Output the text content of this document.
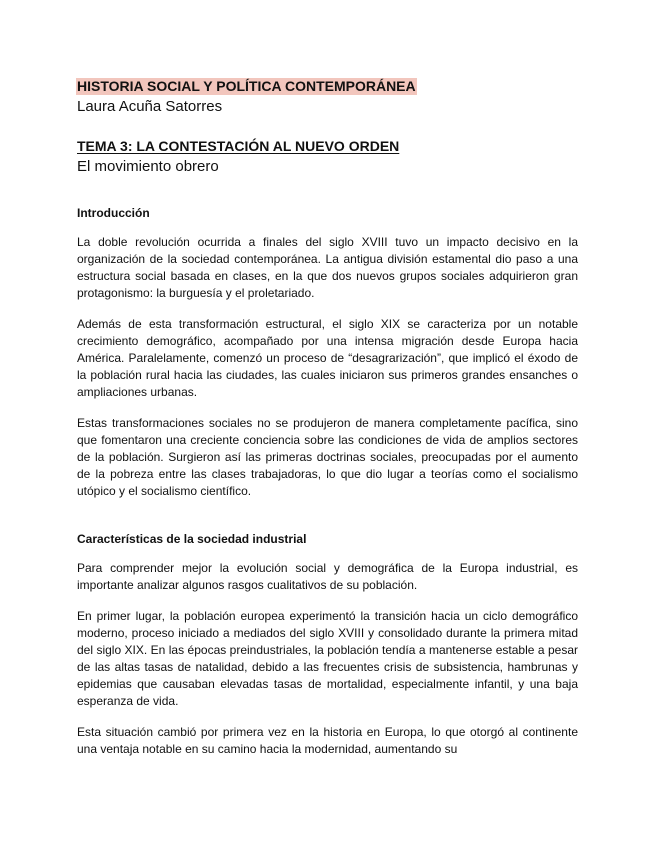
HISTORIA SOCIAL Y POLÍTICA CONTEMPORÁNEA
Laura Acuña Satorres
TEMA 3: LA CONTESTACIÓN AL NUEVO ORDEN
El movimiento obrero
Introducción

La doble revolución ocurrida a finales del siglo XVIII tuvo un impacto decisivo en la organización de la sociedad contemporánea. La antigua división estamental dio paso a una estructura social basada en clases, en la que dos nuevos grupos sociales adquirieron gran protagonismo: la burguesía y el proletariado.

Además de esta transformación estructural, el siglo XIX se caracteriza por un notable crecimiento demográfico, acompañado por una intensa migración desde Europa hacia América. Paralelamente, comenzó un proceso de “desagrarización”, que implicó el éxodo de la población rural hacia las ciudades, las cuales iniciaron sus primeros grandes ensanches o ampliaciones urbanas.

Estas transformaciones sociales no se produjeron de manera completamente pacífica, sino que fomentaron una creciente conciencia sobre las condiciones de vida de amplios sectores de la población. Surgieron así las primeras doctrinas sociales, preocupadas por el aumento de la pobreza entre las clases trabajadoras, lo que dio lugar a teorías como el socialismo utópico y el socialismo científico.

Características de la sociedad industrial

Para comprender mejor la evolución social y demográfica de la Europa industrial, es importante analizar algunos rasgos cualitativos de su población.

En primer lugar, la población europea experimentó la transición hacia un ciclo demográfico moderno, proceso iniciado a mediados del siglo XVIII y consolidado durante la primera mitad del siglo XIX. En las épocas preindustriales, la población tendía a mantenerse estable a pesar de las altas tasas de natalidad, debido a las frecuentes crisis de subsistencia, hambrunas y epidemias que causaban elevadas tasas de mortalidad, especialmente infantil, y una baja esperanza de vida.

Esta situación cambió por primera vez en la historia en Europa, lo que otorgó al continente una ventaja notable en su camino hacia la modernidad, aumentando su
